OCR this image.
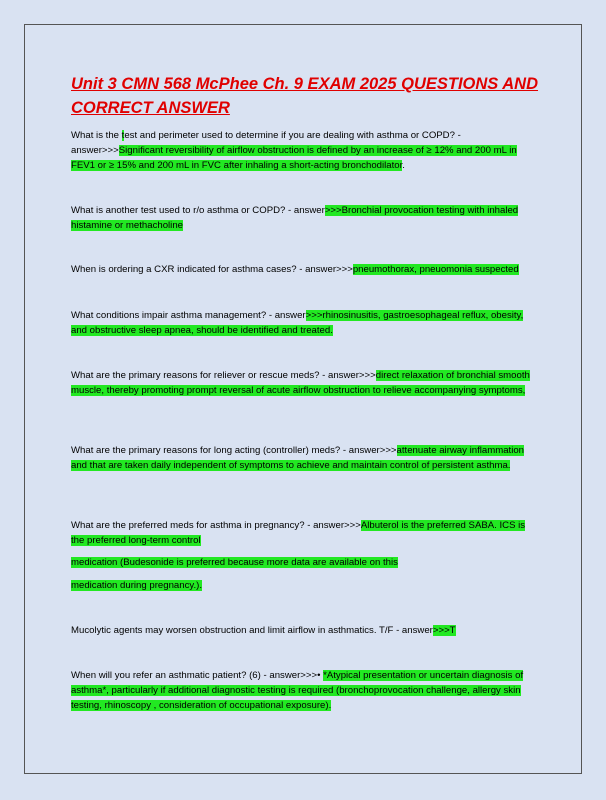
Unit 3 CMN 568 McPhee Ch. 9 EXAM 2025 QUESTIONS AND CORRECT ANSWER

What is the test and perimeter used to determine if you are dealing with asthma or COPD? - answer>>>Significant reversibility of airflow obstruction is defined by an increase of ≥ 12% and 200 mL in FEV1 or ≥ 15% and 200 mL in FVC after inhaling a short-acting bronchodilator.

What is another test used to r/o asthma or COPD? - answer>>>Bronchial provocation testing with inhaled histamine or methacholine

When is ordering a CXR indicated for asthma cases? - answer>>>pneumothorax, pneuomonia suspected

What conditions impair asthma management? - answer>>>rhinosinusitis, gastroesophageal reflux, obesity, and obstructive sleep apnea, should be identified and treated.

What are the primary reasons for reliever or rescue meds? - answer>>>direct relaxation of bronchial smooth muscle, thereby promoting prompt reversal of acute airflow obstruction to relieve accompanying symptoms,

What are the primary reasons for long acting (controller) meds? - answer>>>attenuate airway inflammation and that are taken daily independent of symptoms to achieve and maintain control of persistent asthma.

What are the preferred meds for asthma in pregnancy? - answer>>>Albuterol is the preferred SABA. ICS is the preferred long-term control

medication (Budesonide is preferred because more data are available on this

medication during pregnancy.).

Mucolytic agents may worsen obstruction and limit airflow in asthmatics. T/F - answer>>>T

When will you refer an asthmatic patient? (6) - answer>>>• *Atypical presentation or uncertain diagnosis of asthma*, particularly if additional diagnostic testing is required (bronchoprovocation challenge, allergy skin testing, rhinoscopy , consideration of occupational exposure).
